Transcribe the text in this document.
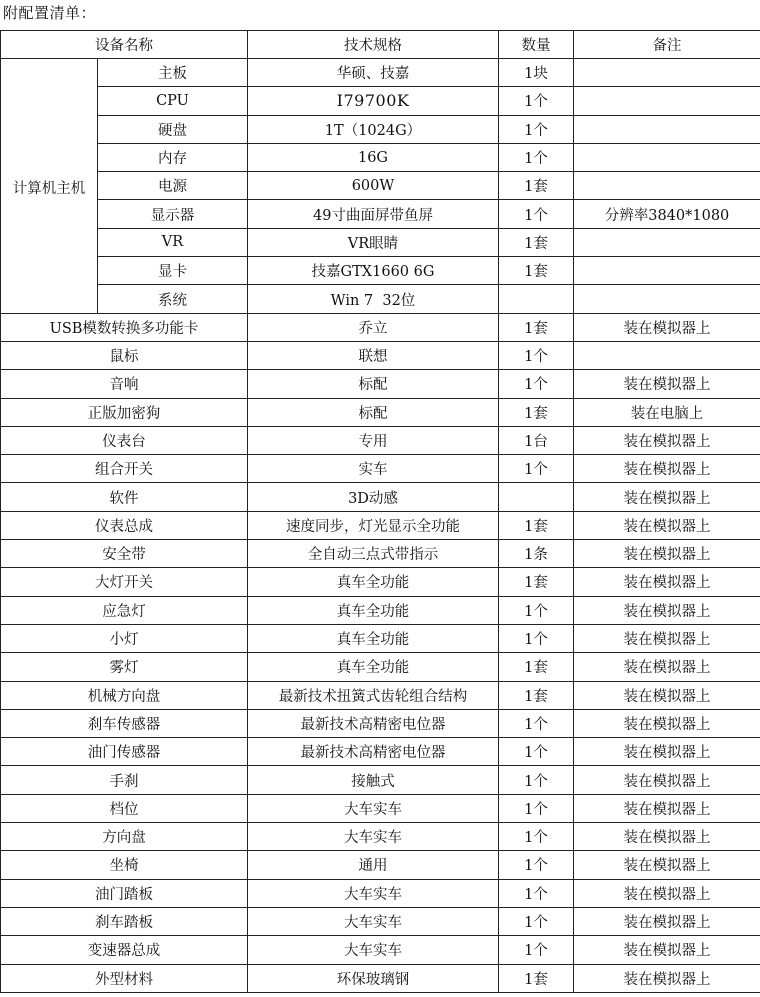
附配置清单：
设备名称		技术规格	数量	备注
计算机主机	主板	华硕、技嘉	1块	
	CPU	I79700K	1个	
	硬盘	1T（1024G）	1个	
	内存	16G	1个	
	电源	600W	1套	
	显示器	49寸曲面屏带鱼屏	1个	分辨率3840*1080
	VR	VR眼睛	1套	
	显卡	技嘉GTX1660 6G	1套	
	系统	Win 7  32位		
USB模数转换多功能卡		乔立	1套	装在模拟器上
鼠标		联想	1个	
音响		标配	1个	装在模拟器上
正版加密狗		标配	1套	装在电脑上
仪表台		专用	1台	装在模拟器上
组合开关		实车	1个	装在模拟器上
软件		3D动感		装在模拟器上
仪表总成		速度同步，灯光显示全功能	1套	装在模拟器上
安全带		全自动三点式带指示	1条	装在模拟器上
大灯开关		真车全功能	1套	装在模拟器上
应急灯		真车全功能	1个	装在模拟器上
小灯		真车全功能	1个	装在模拟器上
雾灯		真车全功能	1套	装在模拟器上
机械方向盘		最新技术扭簧式齿轮组合结构	1套	装在模拟器上
刹车传感器		最新技术高精密电位器	1个	装在模拟器上
油门传感器		最新技术高精密电位器	1个	装在模拟器上
手刹		接触式	1个	装在模拟器上
档位		大车实车	1个	装在模拟器上
方向盘		大车实车	1个	装在模拟器上
坐椅		通用	1个	装在模拟器上
油门踏板		大车实车	1个	装在模拟器上
刹车踏板		大车实车	1个	装在模拟器上
变速器总成		大车实车	1个	装在模拟器上
外型材料		环保玻璃钢	1套	装在模拟器上
